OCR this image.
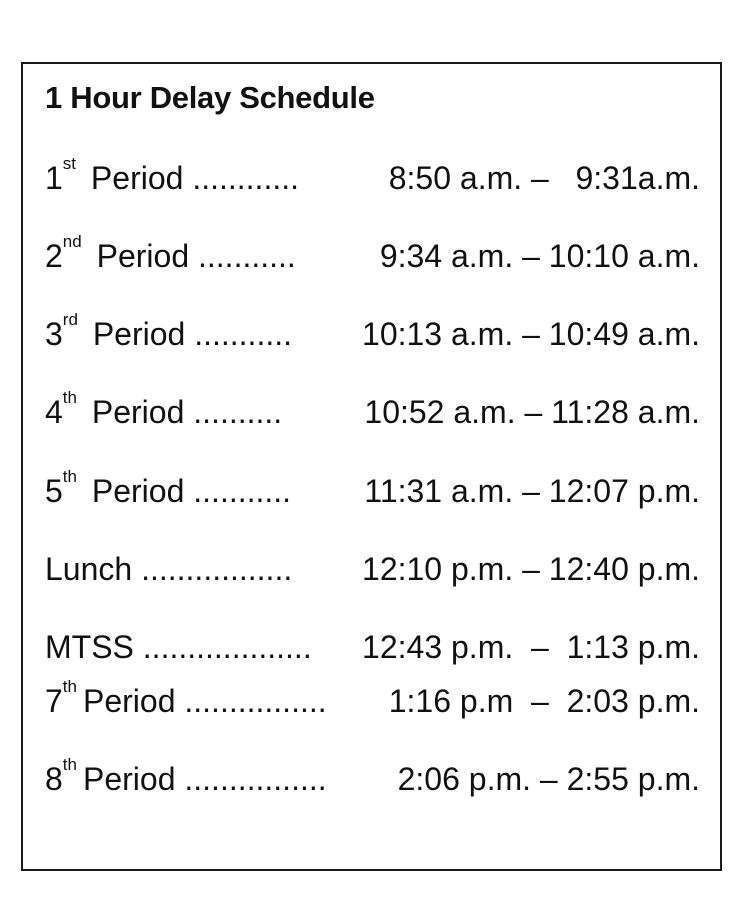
1 Hour Delay Schedule
1st Period ............	8:50 a.m. –   9:31a.m.
2nd Period ...........	9:34 a.m. – 10:10 a.m.
3rd Period ........... 10:13 a.m. – 10:49 a.m.
4th Period ..........	10:52 a.m. – 11:28 a.m.
5th Period ........... 11:31 a.m. – 12:07 p.m.
Lunch ................. 12:10 p.m. – 12:40 p.m.
MTSS ................... 12:43 p.m.  –  1:13 p.m.
7th Period ................ 1:16 p.m  –  2:03 p.m.
8th Period ................ 2:06 p.m. – 2:55 p.m.
